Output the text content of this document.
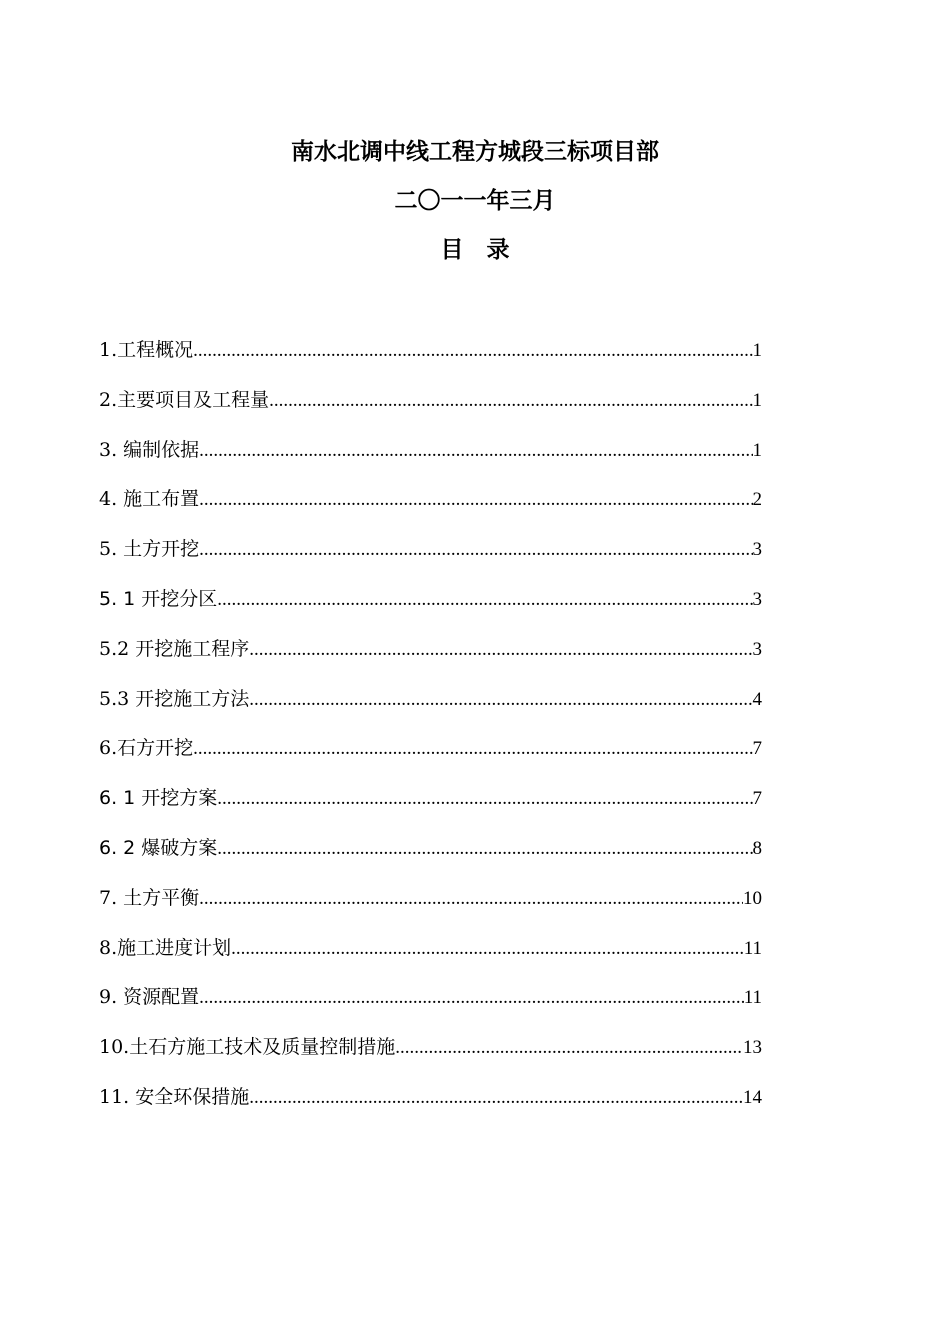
南水北调中线工程方城段三标项目部
二〇一一年三月
目　录
1.工程概况 .....	1
2.主要项目及工程量 .....	1
3. 编制依据 .....	1
4. 施工布置 .....	2
5. 土方开挖 .....	3
5. 1 开挖分区 .....	3
5.2 开挖施工程序 .....	3
5.3 开挖施工方法 .....	4
6.石方开挖 .....	7
6. 1 开挖方案 .....	7
6. 2 爆破方案 .....	8
7. 土方平衡 .....	10
8.施工进度计划 .....	11
9. 资源配置 .....	11
10.土石方施工技术及质量控制措施 .....	13
11. 安全环保措施 .....	14
